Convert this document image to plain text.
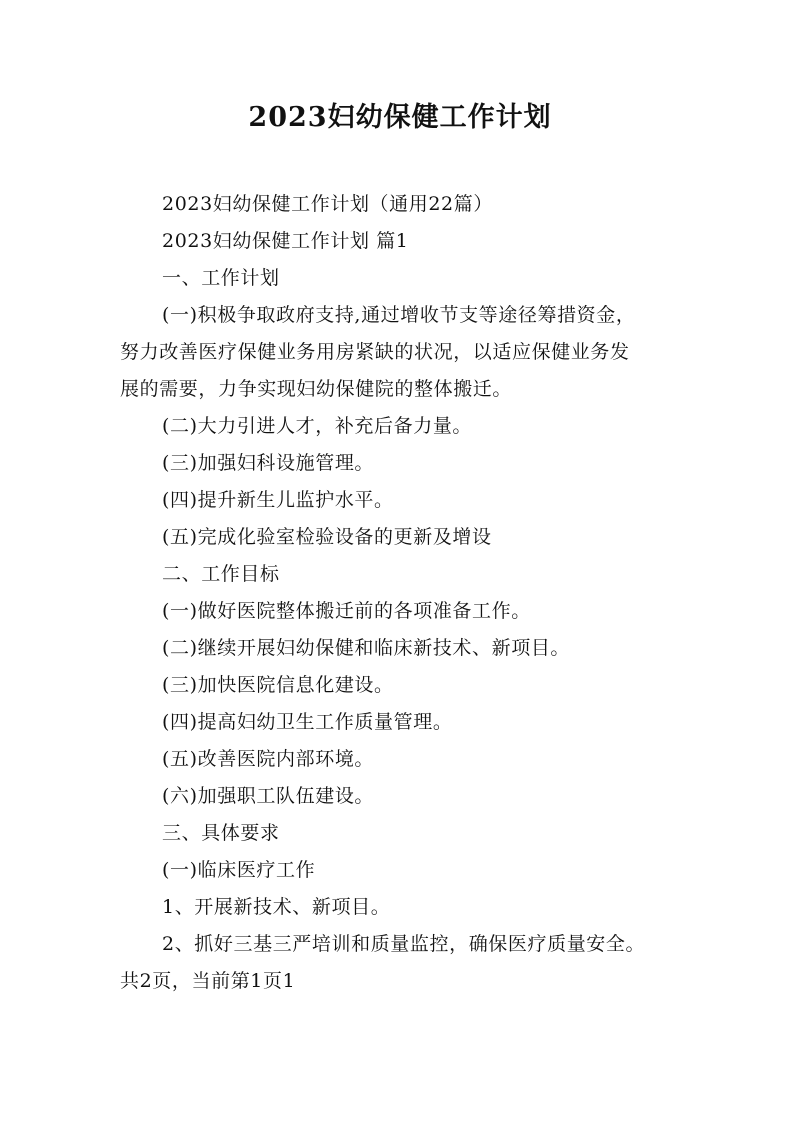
2023妇幼保健工作计划
2023妇幼保健工作计划（通用22篇）
2023妇幼保健工作计划 篇1
一、工作计划
(一)积极争取政府支持,通过增收节支等途径筹措资金，
努力改善医疗保健业务用房紧缺的状况，以适应保健业务发
展的需要，力争实现妇幼保健院的整体搬迁。
(二)大力引进人才，补充后备力量。
(三)加强妇科设施管理。
(四)提升新生儿监护水平。
(五)完成化验室检验设备的更新及增设
二、工作目标
(一)做好医院整体搬迁前的各项准备工作。
(二)继续开展妇幼保健和临床新技术、新项目。
(三)加快医院信息化建设。
(四)提高妇幼卫生工作质量管理。
(五)改善医院内部环境。
(六)加强职工队伍建设。
三、具体要求
(一)临床医疗工作
1、开展新技术、新项目。
2、抓好三基三严培训和质量监控，确保医疗质量安全。
共2页，当前第1页1
